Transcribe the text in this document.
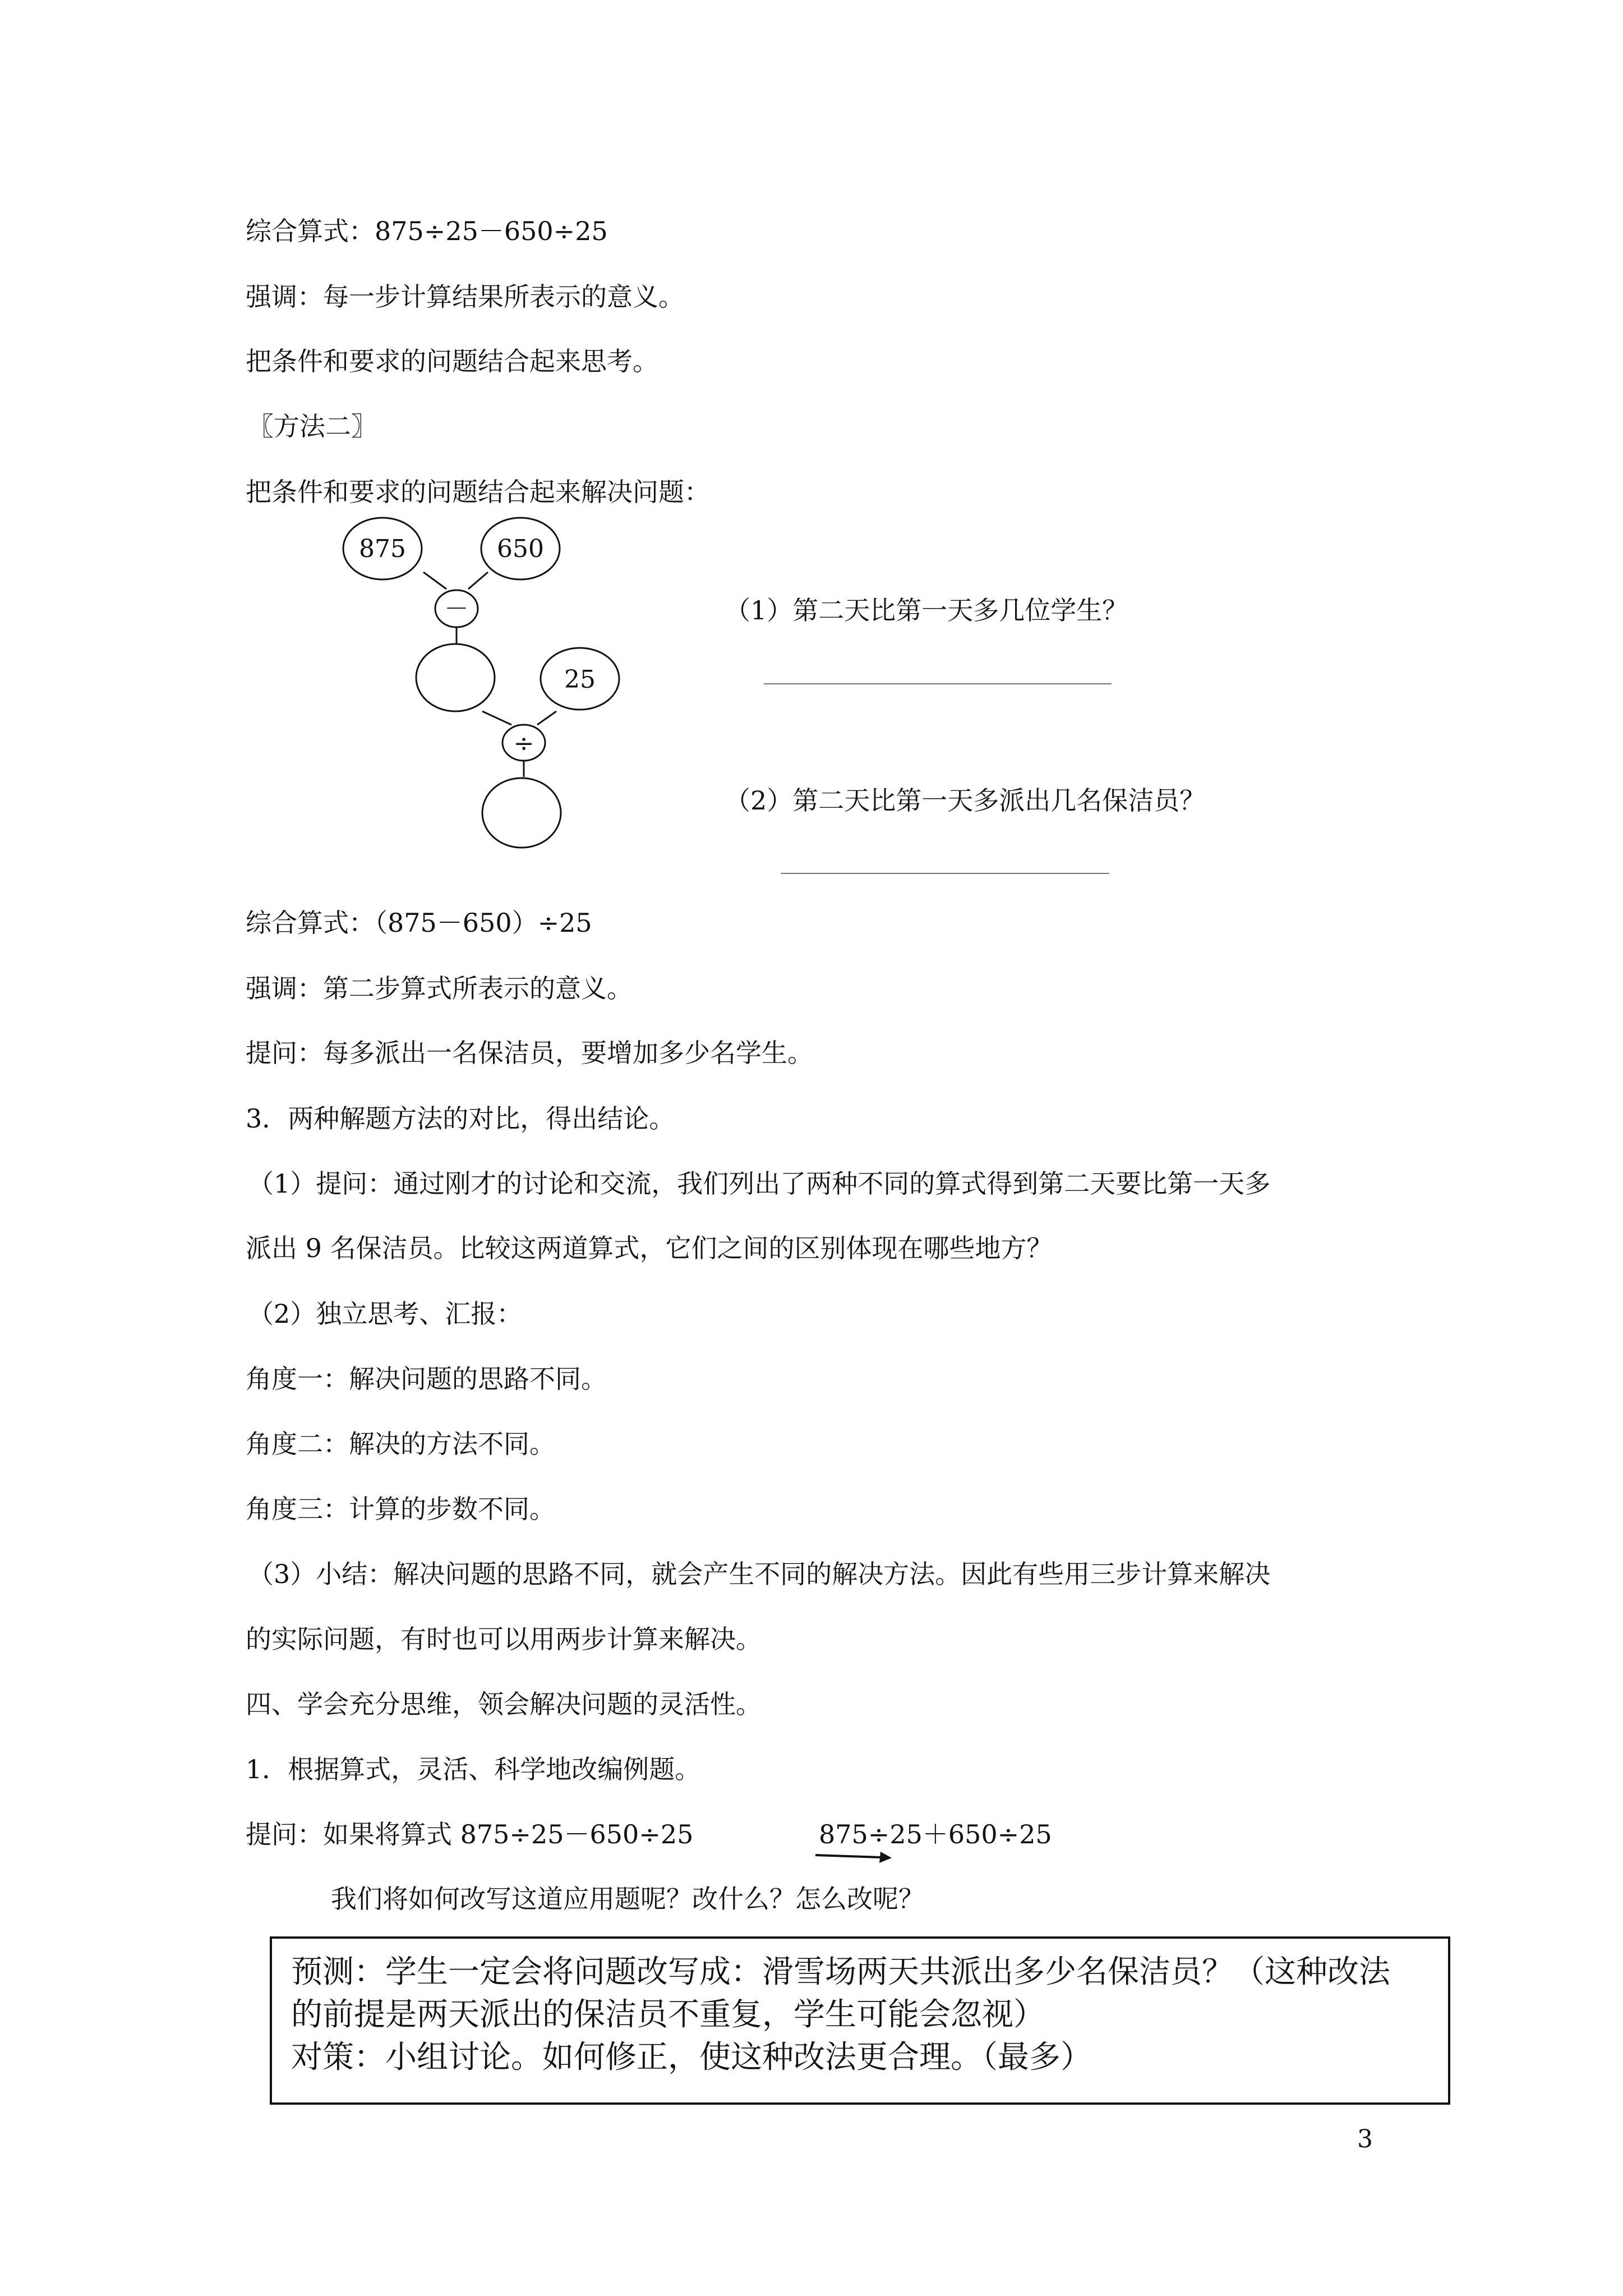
综合算式：875÷25－650÷25
强调：每一步计算结果所表示的意义。
把条件和要求的问题结合起来思考。
〖方法二〗
把条件和要求的问题结合起来解决问题：
875	650
－
25
÷
（1）第二天比第一天多几位学生？
（2）第二天比第一天多派出几名保洁员？
综合算式：（875－650）÷25
强调：第二步算式所表示的意义。
提问：每多派出一名保洁员，要增加多少名学生。
3．两种解题方法的对比，得出结论。
（1）提问：通过刚才的讨论和交流，我们列出了两种不同的算式得到第二天要比第一天多
派出 9 名保洁员。比较这两道算式，它们之间的区别体现在哪些地方？
（2）独立思考、汇报：
角度一：解决问题的思路不同。
角度二：解决的方法不同。
角度三：计算的步数不同。
（3）小结：解决问题的思路不同，就会产生不同的解决方法。因此有些用三步计算来解决
的实际问题，有时也可以用两步计算来解决。
四、学会充分思维，领会解决问题的灵活性。
1．根据算式，灵活、科学地改编例题。
提问：如果将算式 875÷25－650÷25	875÷25＋650÷25
我们将如何改写这道应用题呢？改什么？怎么改呢？
预测：学生一定会将问题改写成：滑雪场两天共派出多少名保洁员？（这种改法
的前提是两天派出的保洁员不重复，学生可能会忽视）
对策：小组讨论。如何修正，使这种改法更合理。（最多）
3
